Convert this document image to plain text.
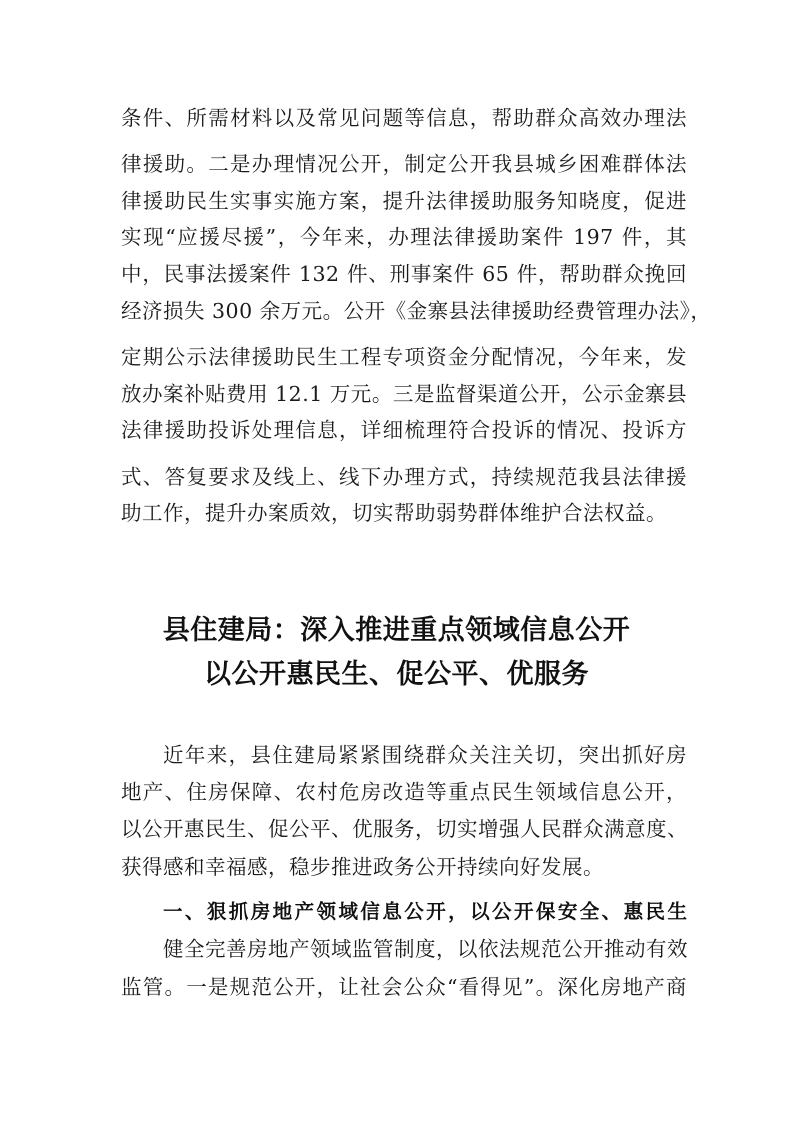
条件、所需材料以及常见问题等信息，帮助群众高效办理法
律援助。二是办理情况公开，制定公开我县城乡困难群体法
律援助民生实事实施方案，提升法律援助服务知晓度，促进
实现“应援尽援”，今年来，办理法律援助案件 197 件，其
中，民事法援案件 132 件、刑事案件 65 件，帮助群众挽回
经济损失 300 余万元。公开《金寨县法律援助经费管理办法》，
定期公示法律援助民生工程专项资金分配情况，今年来，发
放办案补贴费用 12.1 万元。三是监督渠道公开，公示金寨县
法律援助投诉处理信息，详细梳理符合投诉的情况、投诉方
式、答复要求及线上、线下办理方式，持续规范我县法律援
助工作，提升办案质效，切实帮助弱势群体维护合法权益。
县住建局：深入推进重点领域信息公开
以公开惠民生、促公平、优服务
近年来，县住建局紧紧围绕群众关注关切，突出抓好房
地产、住房保障、农村危房改造等重点民生领域信息公开，
以公开惠民生、促公平、优服务，切实增强人民群众满意度、
获得感和幸福感，稳步推进政务公开持续向好发展。
一、狠抓房地产领域信息公开，以公开保安全、惠民生
健全完善房地产领域监管制度，以依法规范公开推动有效
监管。一是规范公开，让社会公众“看得见”。深化房地产商
